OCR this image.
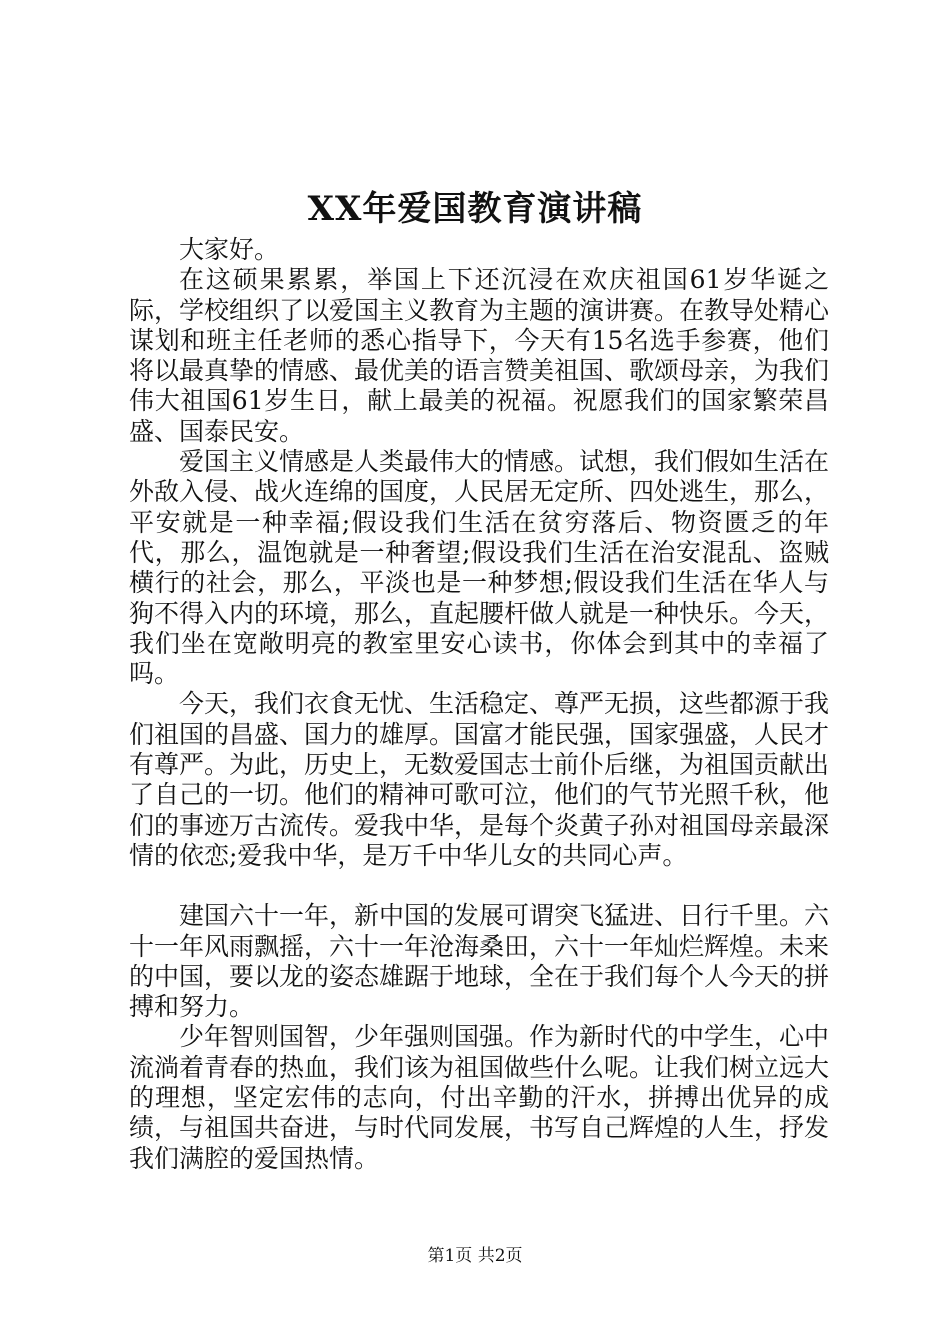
XX年爱国教育演讲稿

大家好。

在这硕果累累，举国上下还沉浸在欢庆祖国61岁华诞之际，学校组织了以爱国主义教育为主题的演讲赛。在教导处精心谋划和班主任老师的悉心指导下，今天有15名选手参赛，他们将以最真挚的情感、最优美的语言赞美祖国、歌颂母亲，为我们伟大祖国61岁生日，献上最美的祝福。祝愿我们的国家繁荣昌盛、国泰民安。

爱国主义情感是人类最伟大的情感。试想，我们假如生活在外敌入侵、战火连绵的国度，人民居无定所、四处逃生，那么，平安就是一种幸福;假设我们生活在贫穷落后、物资匮乏的年代，那么，温饱就是一种奢望;假设我们生活在治安混乱、盗贼横行的社会，那么，平淡也是一种梦想;假设我们生活在华人与狗不得入内的环境，那么，直起腰杆做人就是一种快乐。今天，我们坐在宽敞明亮的教室里安心读书，你体会到其中的幸福了吗。

今天，我们衣食无忧、生活稳定、尊严无损，这些都源于我们祖国的昌盛、国力的雄厚。国富才能民强，国家强盛，人民才有尊严。为此，历史上，无数爱国志士前仆后继，为祖国贡献出了自己的一切。他们的精神可歌可泣，他们的气节光照千秋，他们的事迹万古流传。爱我中华，是每个炎黄子孙对祖国母亲最深情的依恋;爱我中华，是万千中华儿女的共同心声。

建国六十一年，新中国的发展可谓突飞猛进、日行千里。六十一年风雨飘摇，六十一年沧海桑田，六十一年灿烂辉煌。未来的中国，要以龙的姿态雄踞于地球，全在于我们每个人今天的拼搏和努力。

少年智则国智，少年强则国强。作为新时代的中学生，心中流淌着青春的热血，我们该为祖国做些什么呢。让我们树立远大的理想，坚定宏伟的志向，付出辛勤的汗水，拼搏出优异的成绩，与祖国共奋进，与时代同发展，书写自己辉煌的人生，抒发我们满腔的爱国热情。

第1页 共2页
